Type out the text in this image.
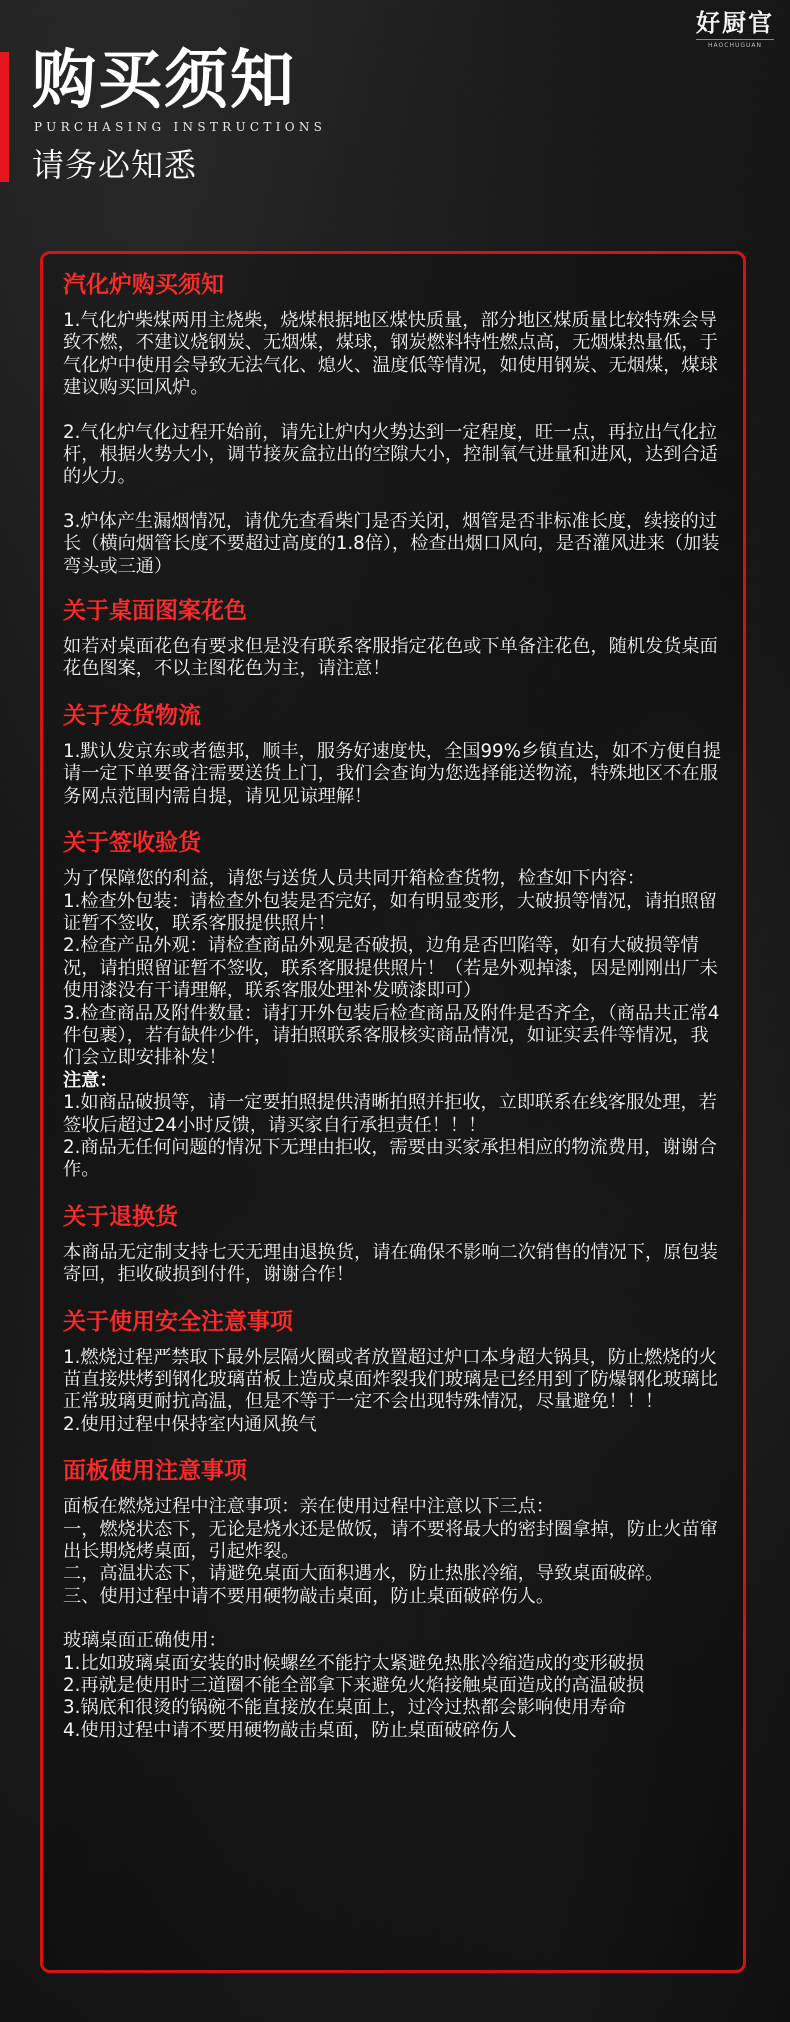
好厨官
HAOCHUGUAN
购买须知
PURCHASING INSTRUCTIONS
请务必知悉
汽化炉购买须知

1.气化炉柴煤两用主烧柴，烧煤根据地区煤快质量，部分地区煤质量比较特殊会导致不燃，不建议烧钢炭、无烟煤，煤球，钢炭燃料特性燃点高，无烟煤热量低，于气化炉中使用会导致无法气化、熄火、温度低等情况，如使用钢炭、无烟煤，煤球建议购买回风炉。

2.气化炉气化过程开始前，请先让炉内火势达到一定程度，旺一点，再拉出气化拉杆，根据火势大小，调节接灰盒拉出的空隙大小，控制氧气进量和进风，达到合适的火力。

3.炉体产生漏烟情况，请优先查看柴门是否关闭，烟管是否非标准长度，续接的过长（横向烟管长度不要超过高度的1.8倍），检查出烟口风向，是否灌风进来（加装弯头或三通）

关于桌面图案花色

如若对桌面花色有要求但是没有联系客服指定花色或下单备注花色，随机发货桌面花色图案，不以主图花色为主，请注意！

关于发货物流

1.默认发京东或者德邦，顺丰，服务好速度快，全国99%乡镇直达，如不方便自提请一定下单要备注需要送货上门，我们会查询为您选择能送物流，特殊地区不在服务网点范围内需自提，请见见谅理解！

关于签收验货

为了保障您的利益，请您与送货人员共同开箱检查货物，检查如下内容：

1.检查外包装：请检查外包装是否完好，如有明显变形，大破损等情况，请拍照留证暂不签收，联系客服提供照片！

2.检查产品外观：请检查商品外观是否破损，边角是否凹陷等，如有大破损等情况，请拍照留证暂不签收，联系客服提供照片！（若是外观掉漆，因是刚刚出厂未使用漆没有干请理解，联系客服处理补发喷漆即可）

3.检查商品及附件数量：请打开外包装后检查商品及附件是否齐全，（商品共正常4件包裹），若有缺件少件，请拍照联系客服核实商品情况，如证实丢件等情况，我们会立即安排补发！

注意：

1.如商品破损等，请一定要拍照提供清晰拍照并拒收，立即联系在线客服处理，若签收后超过24小时反馈，请买家自行承担责任！！！

2.商品无任何问题的情况下无理由拒收，需要由买家承担相应的物流费用，谢谢合作。

关于退换货

本商品无定制支持七天无理由退换货，请在确保不影响二次销售的情况下，原包装寄回，拒收破损到付件，谢谢合作！

关于使用安全注意事项

1.燃烧过程严禁取下最外层隔火圈或者放置超过炉口本身超大锅具，防止燃烧的火苗直接烘烤到钢化玻璃苗板上造成桌面炸裂我们玻璃是已经用到了防爆钢化玻璃比正常玻璃更耐抗高温，但是不等于一定不会出现特殊情况，尽量避免！！！

2.使用过程中保持室内通风换气

面板使用注意事项

面板在燃烧过程中注意事项：亲在使用过程中注意以下三点：

一，燃烧状态下，无论是烧水还是做饭，请不要将最大的密封圈拿掉，防止火苗窜出长期烧烤桌面，引起炸裂。

二，高温状态下，请避免桌面大面积遇水，防止热胀冷缩，导致桌面破碎。

三、使用过程中请不要用硬物敲击桌面，防止桌面破碎伤人。

玻璃桌面正确使用：

1.比如玻璃桌面安装的时候螺丝不能拧太紧避免热胀冷缩造成的变形破损

2.再就是使用时三道圈不能全部拿下来避免火焰接触桌面造成的高温破损

3.锅底和很烫的锅碗不能直接放在桌面上，过冷过热都会影响使用寿命

4.使用过程中请不要用硬物敲击桌面，防止桌面破碎伤人
